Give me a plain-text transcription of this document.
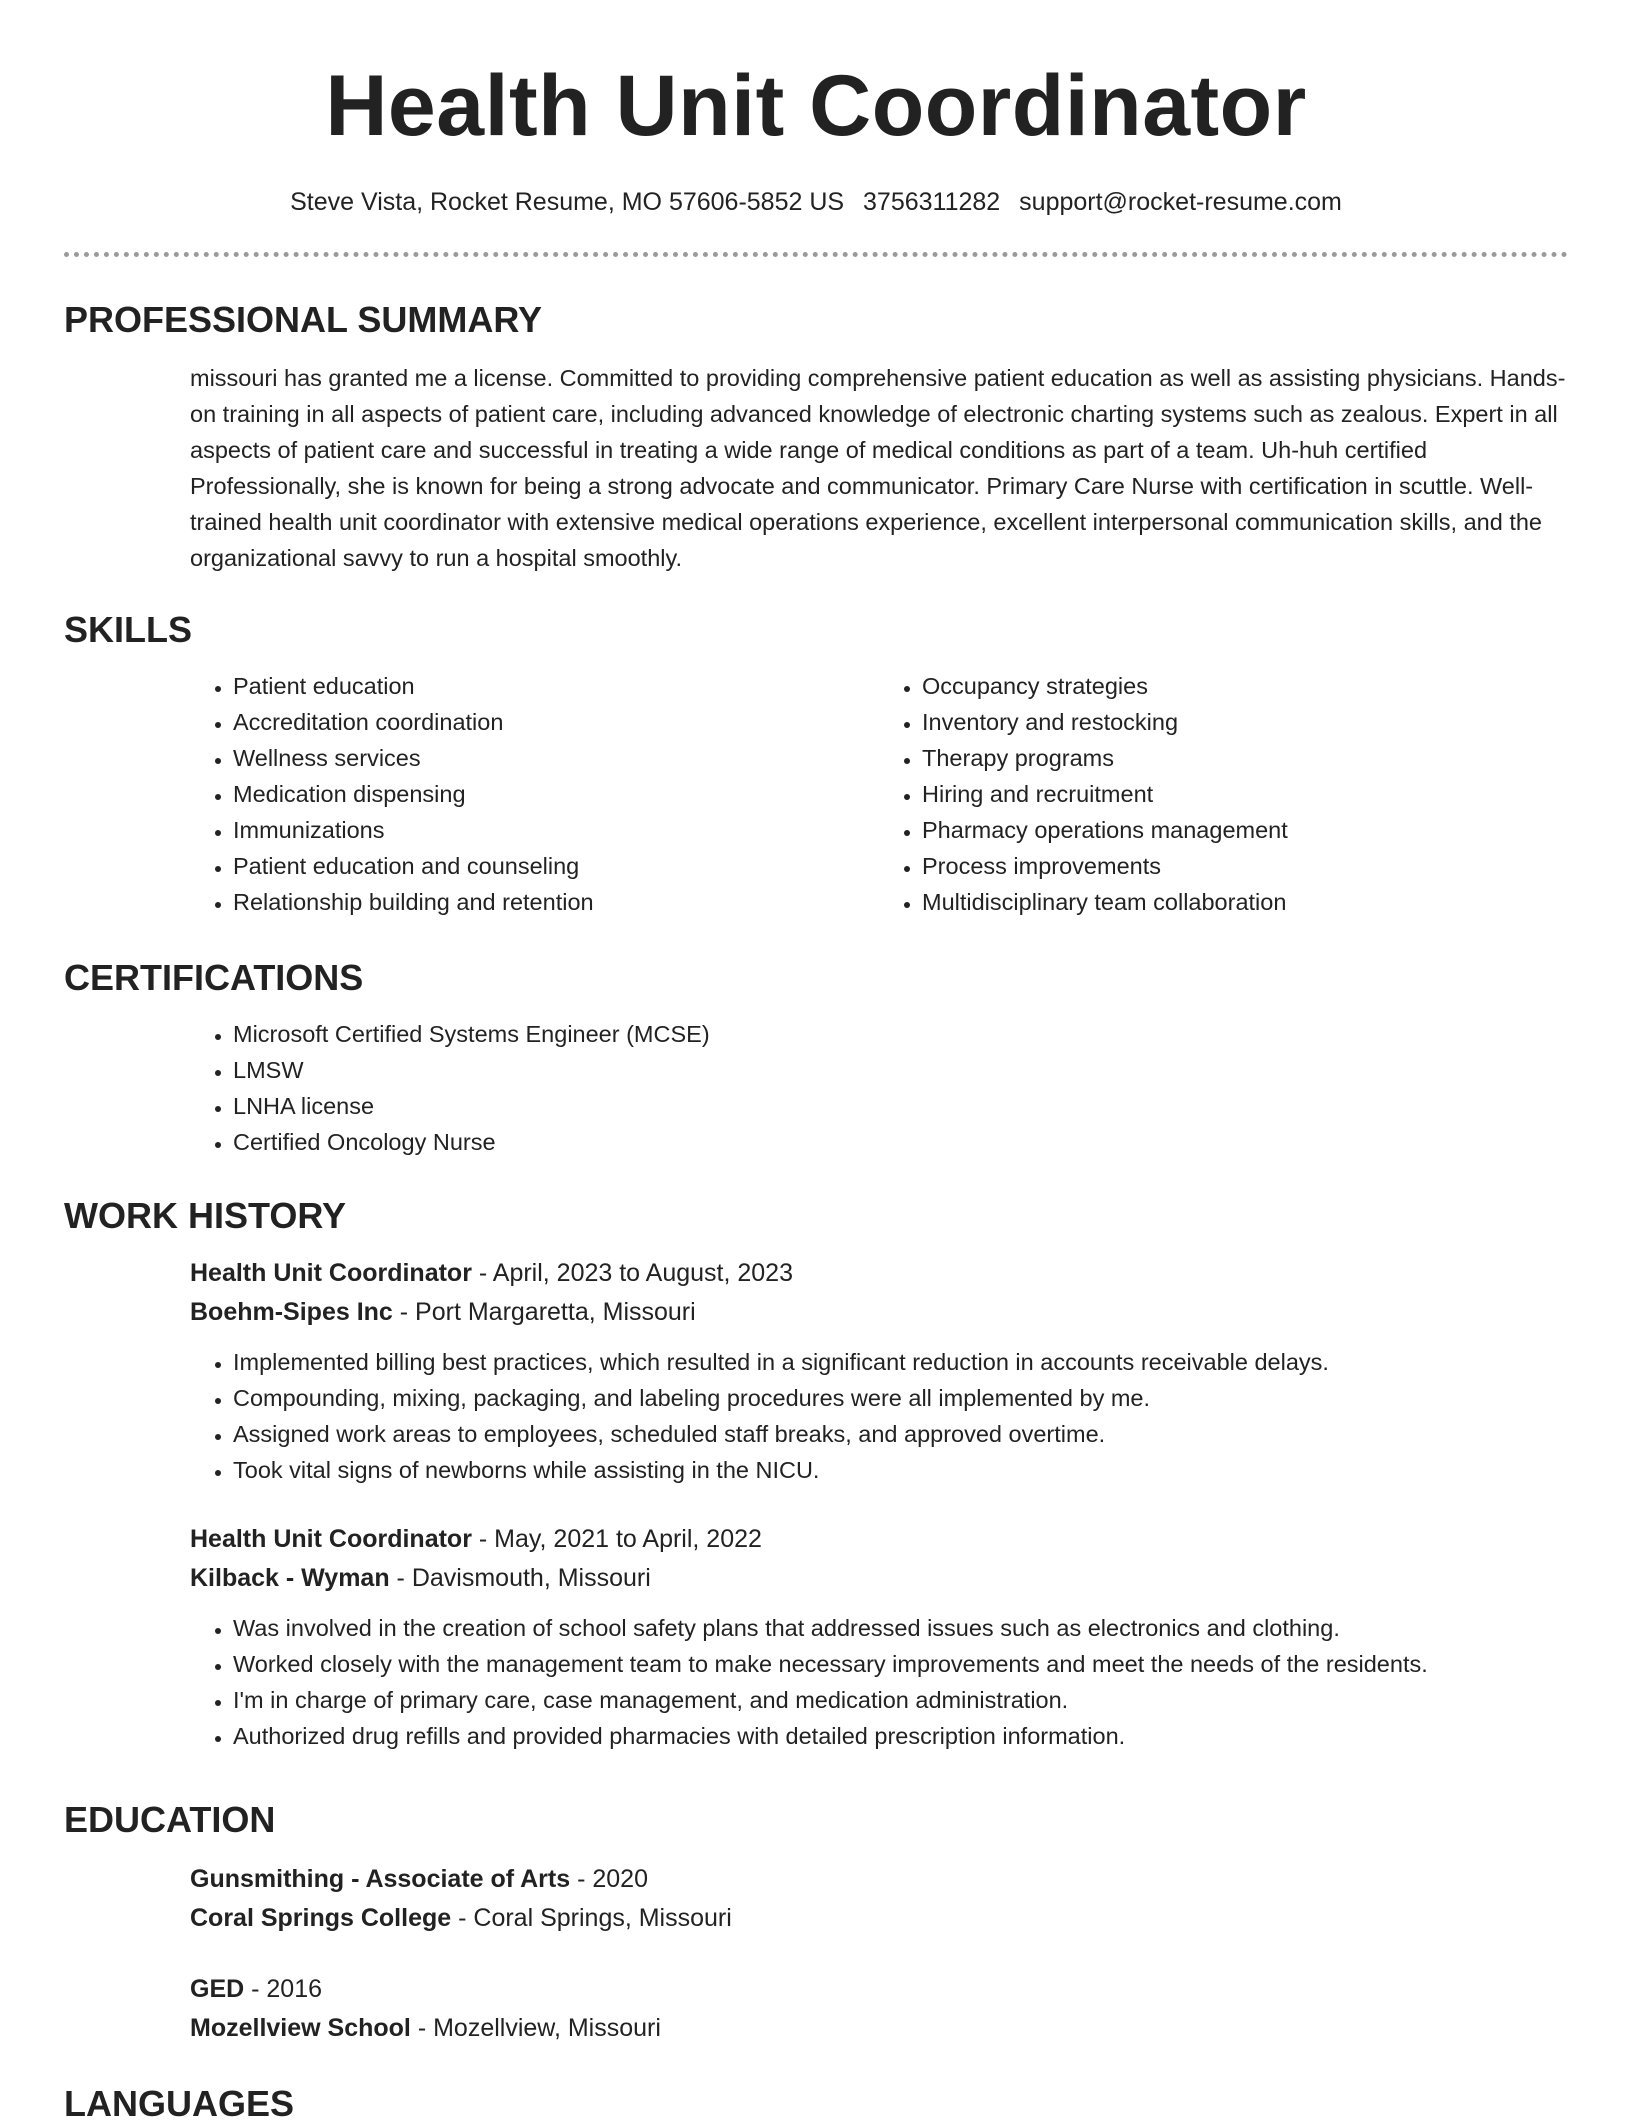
Health Unit Coordinator
Steve Vista, Rocket Resume, MO 57606-5852 US 3756311282 support@rocket-resume.com
PROFESSIONAL SUMMARY

missouri has granted me a license. Committed to providing comprehensive patient education as well as assisting physicians. Hands-on training in all aspects of patient care, including advanced knowledge of electronic charting systems such as zealous. Expert in all aspects of patient care and successful in treating a wide range of medical conditions as part of a team. Uh-huh certified Professionally, she is known for being a strong advocate and communicator. Primary Care Nurse with certification in scuttle. Well-trained health unit coordinator with extensive medical operations experience, excellent interpersonal communication skills, and the organizational savvy to run a hospital smoothly.

SKILLS
• Patient education
• Accreditation coordination
• Wellness services
• Medication dispensing
• Immunizations
• Patient education and counseling
• Relationship building and retention
• Occupancy strategies
• Inventory and restocking
• Therapy programs
• Hiring and recruitment
• Pharmacy operations management
• Process improvements
• Multidisciplinary team collaboration
CERTIFICATIONS
• Microsoft Certified Systems Engineer (MCSE)
• LMSW
• LNHA license
• Certified Oncology Nurse
WORK HISTORY
Health Unit Coordinator - April, 2023 to August, 2023
Boehm-Sipes Inc - Port Margaretta, Missouri
• Implemented billing best practices, which resulted in a significant reduction in accounts receivable delays.
• Compounding, mixing, packaging, and labeling procedures were all implemented by me.
• Assigned work areas to employees, scheduled staff breaks, and approved overtime.
• Took vital signs of newborns while assisting in the NICU.
Health Unit Coordinator - May, 2021 to April, 2022
Kilback - Wyman - Davismouth, Missouri
• Was involved in the creation of school safety plans that addressed issues such as electronics and clothing.
• Worked closely with the management team to make necessary improvements and meet the needs of the residents.
• I'm in charge of primary care, case management, and medication administration.
• Authorized drug refills and provided pharmacies with detailed prescription information.
EDUCATION
Gunsmithing - Associate of Arts - 2020
Coral Springs College - Coral Springs, Missouri
GED - 2016
Mozellview School - Mozellview, Missouri
LANGUAGES
